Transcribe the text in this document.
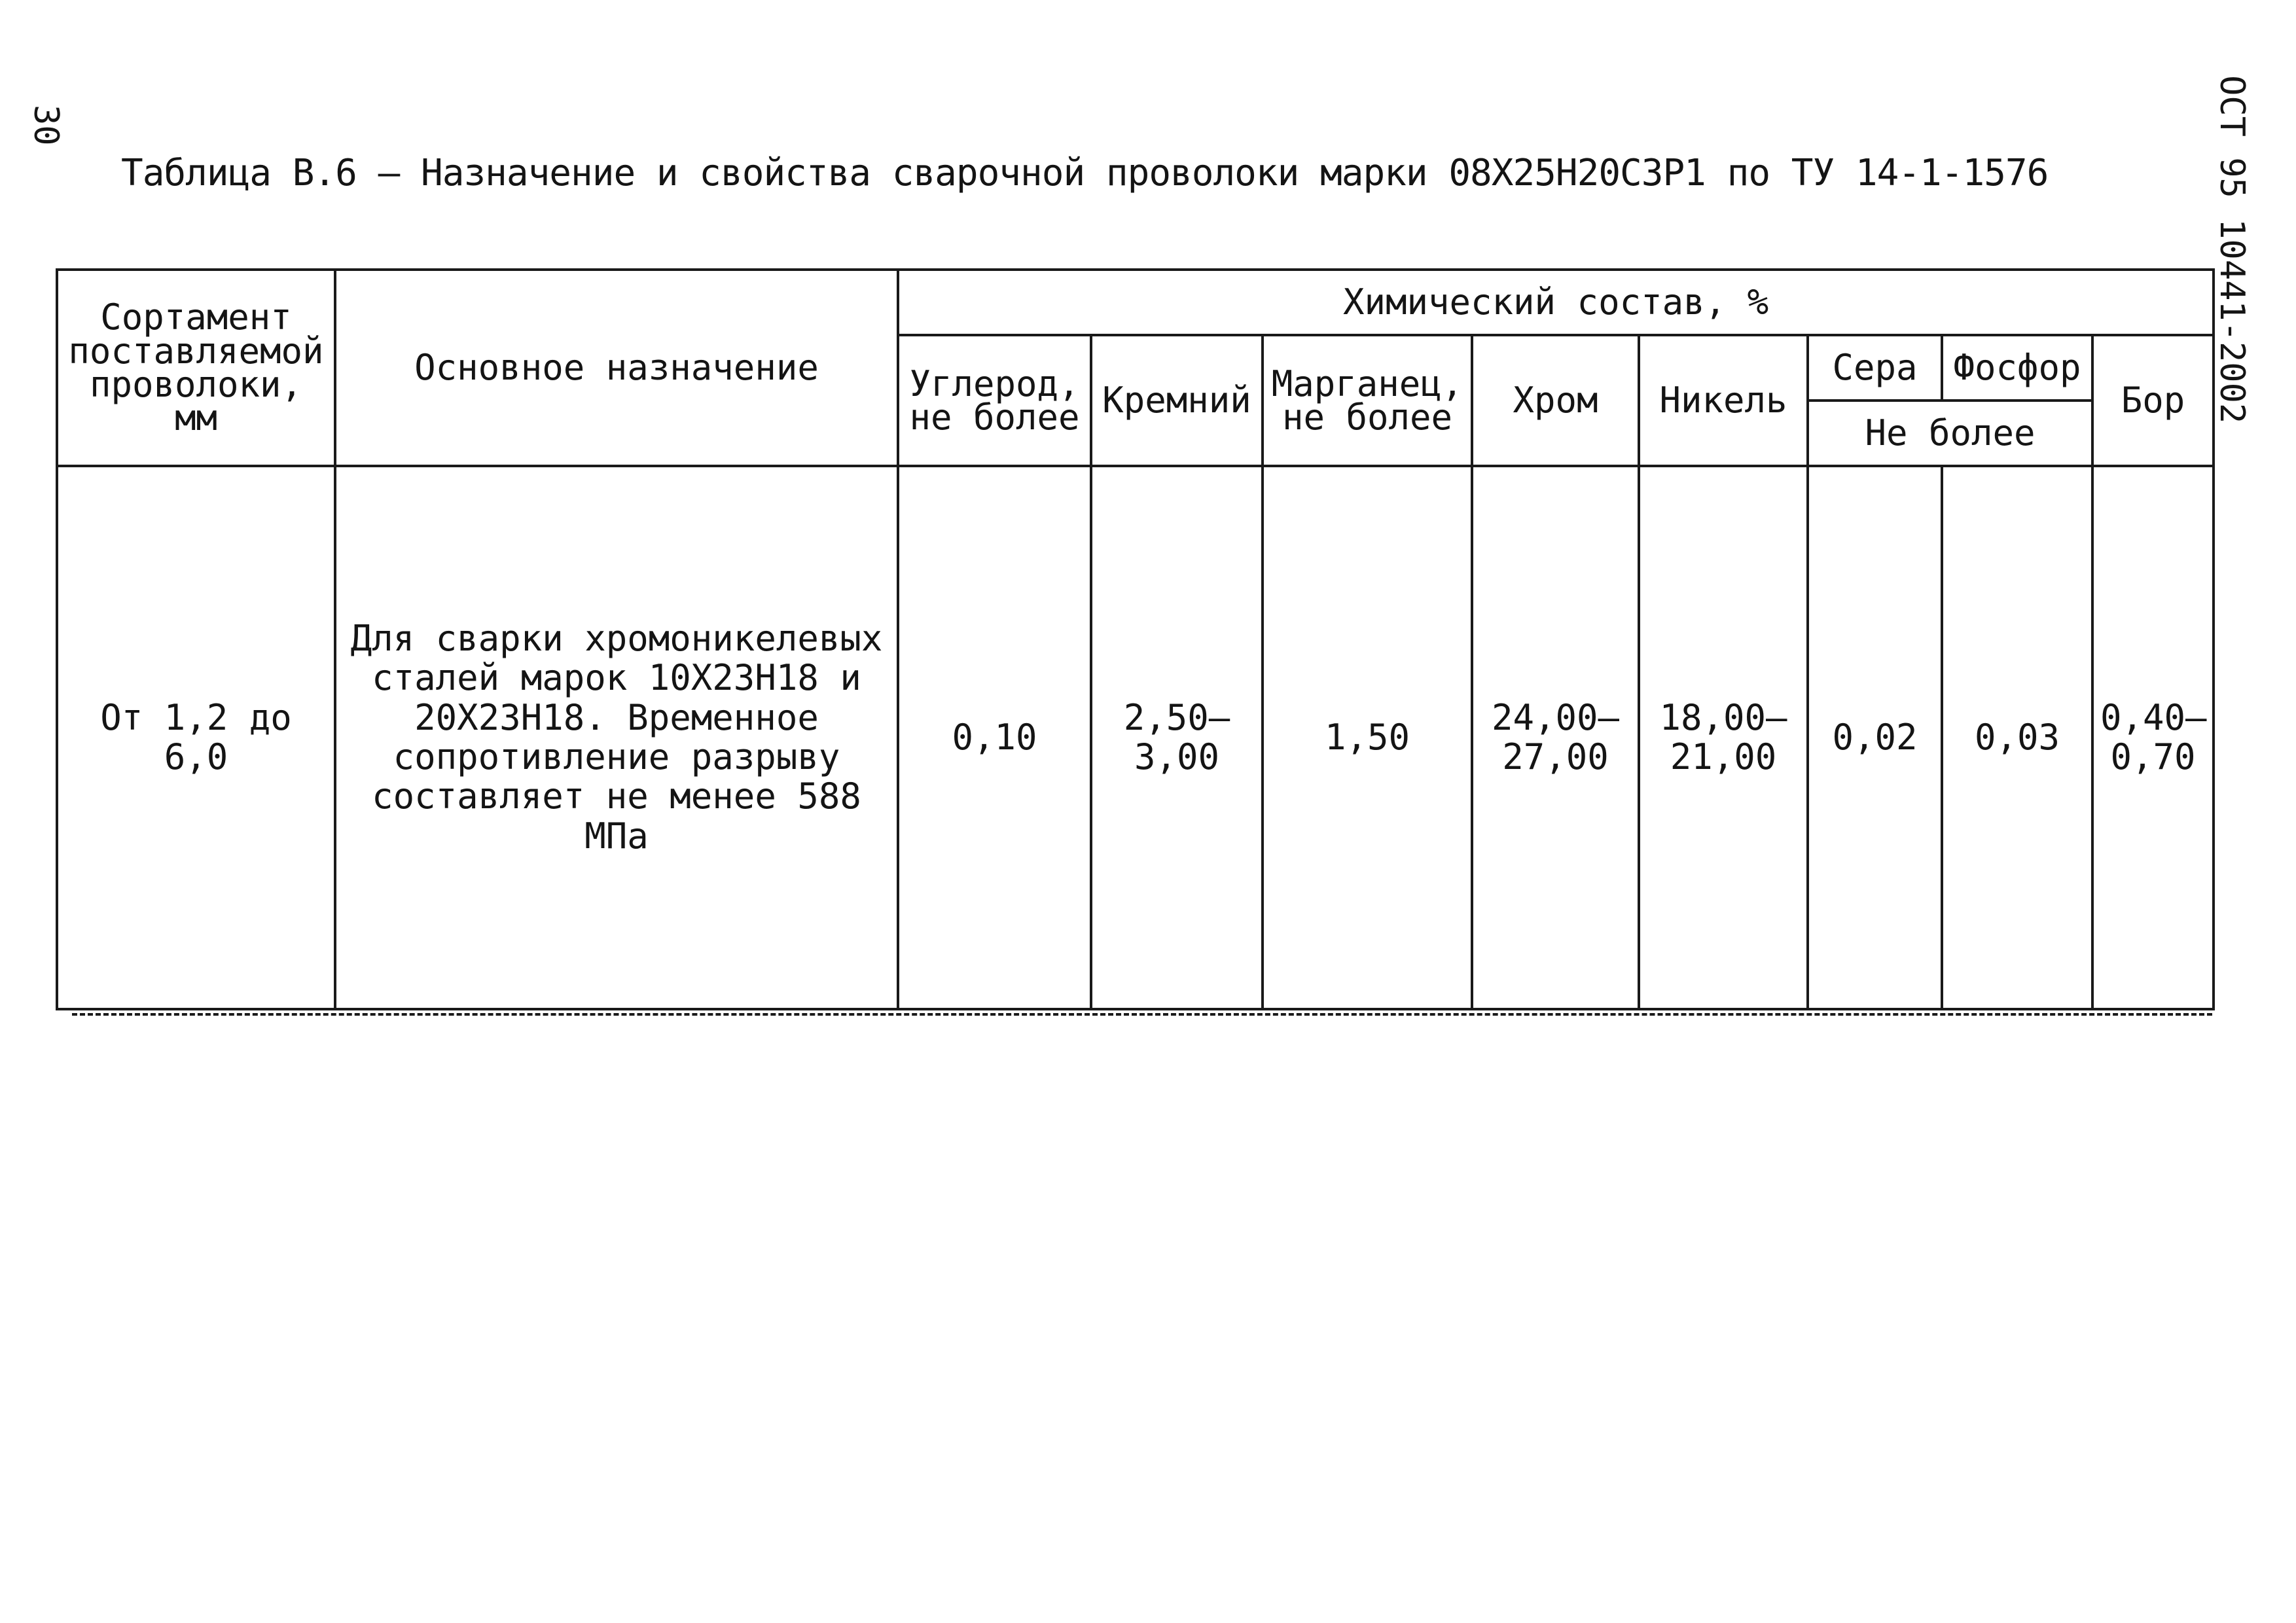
30	ОСТ 95 10441-2002
Таблица В.6 – Назначение и свойства сварочной проволоки марки 08Х25Н20С3Р1 по ТУ 14-1-1576
Сортамент поставляемой проволоки, мм	Основное назначение	Химический состав, %							
		Углерод, не более	Кремний	Марганец, не более	Хром	Никель	Сера	Фосфор	Бор
							Не более		
От 1,2 до 6,0	Для сварки хромоникелевых сталей марок 10Х23Н18 и 20Х23Н18. Временное сопротивление разрыву составляет не менее 588 МПа	0,10	2,50– 3,00	1,50	24,00– 27,00	18,00– 21,00	0,02	0,03	0,40– 0,70
